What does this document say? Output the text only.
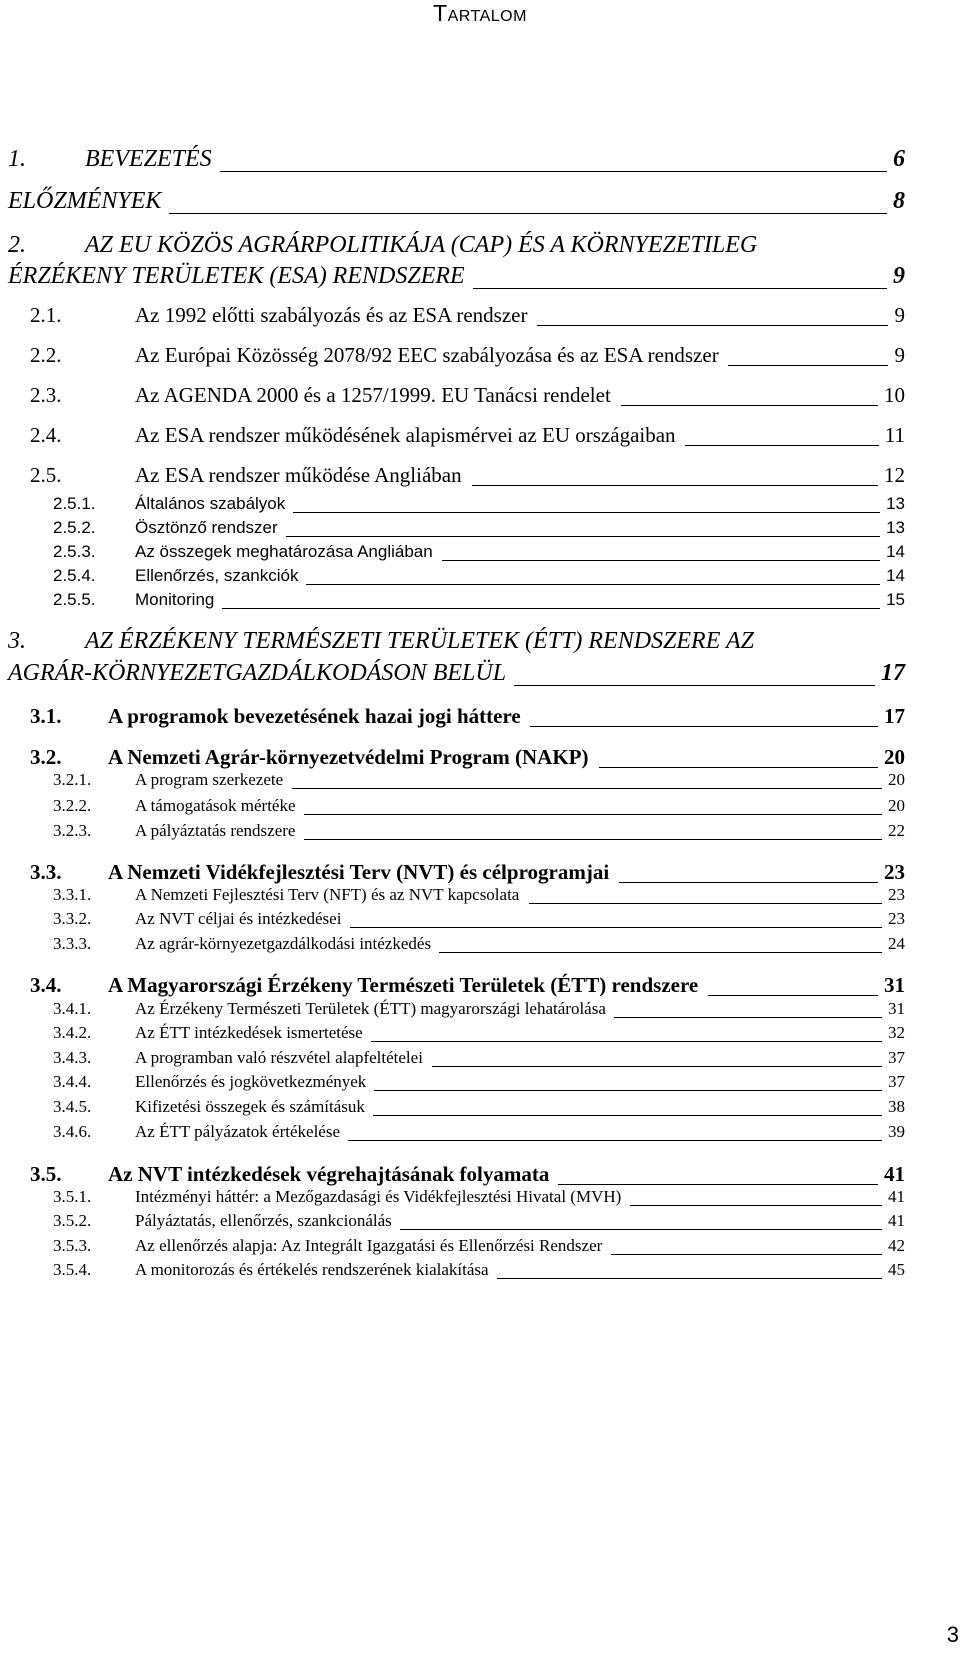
Tartalom
1. BEVEZETÉS	6
ELŐZMÉNYEK	8
2. AZ EU KÖZÖS AGRÁRPOLITIKÁJA (CAP) ÉS A KÖRNYEZETILEG
ÉRZÉKENY TERÜLETEK (ESA) RENDSZERE	9
2.1.	Az 1992 előtti szabályozás és az ESA rendszer	9
2.2.	Az Európai Közösség 2078/92 EEC szabályozása és az ESA rendszer	9
2.3.	Az AGENDA 2000 és a 1257/1999. EU Tanácsi rendelet	10
2.4.	Az ESA rendszer működésének alapismérvei az EU országaiban	11
2.5.	Az ESA rendszer működése Angliában	12
2.5.1. Általános szabályok	13
2.5.2. Ösztönző rendszer	13
2.5.3. Az összegek meghatározása Angliában	14
2.5.4. Ellenőrzés, szankciók	14
2.5.5. Monitoring	15
3. AZ ÉRZÉKENY TERMÉSZETI TERÜLETEK (ÉTT) RENDSZERE AZ
AGRÁR-KÖRNYEZETGAZDÁLKODÁSON BELÜL	17
3.1. A programok bevezetésének hazai jogi háttere	17
3.2. A Nemzeti Agrár-környezetvédelmi Program (NAKP)	20
3.2.1.	A program szerkezete	20
3.2.2.	A támogatások mértéke	20
3.2.3.	A pályáztatás rendszere	22
3.3. A Nemzeti Vidékfejlesztési Terv (NVT) és célprogramjai	23
3.3.1.	A Nemzeti Fejlesztési Terv (NFT) és az NVT kapcsolata	23
3.3.2.	Az NVT céljai és intézkedései	23
3.3.3.	Az agrár-környezetgazdálkodási intézkedés	24
3.4. A Magyarországi Érzékeny Természeti Területek (ÉTT) rendszere	31
3.4.1.	Az Érzékeny Természeti Területek (ÉTT) magyarországi lehatárolása	31
3.4.2.	Az ÉTT intézkedések ismertetése	32
3.4.3.	A programban való részvétel alapfeltételei	37
3.4.4.	Ellenőrzés és jogkövetkezmények	37
3.4.5.	Kifizetési összegek és számításuk	38
3.4.6.	Az ÉTT pályázatok értékelése	39
3.5. Az NVT intézkedések végrehajtásának folyamata	41
3.5.1.	Intézményi háttér: a Mezőgazdasági és Vidékfejlesztési Hivatal (MVH)	41
3.5.2.	Pályáztatás, ellenőrzés, szankcionálás	41
3.5.3.	Az ellenőrzés alapja: Az Integrált Igazgatási és Ellenőrzési Rendszer	42
3.5.4.	A monitorozás és értékelés rendszerének kialakítása	45
3
